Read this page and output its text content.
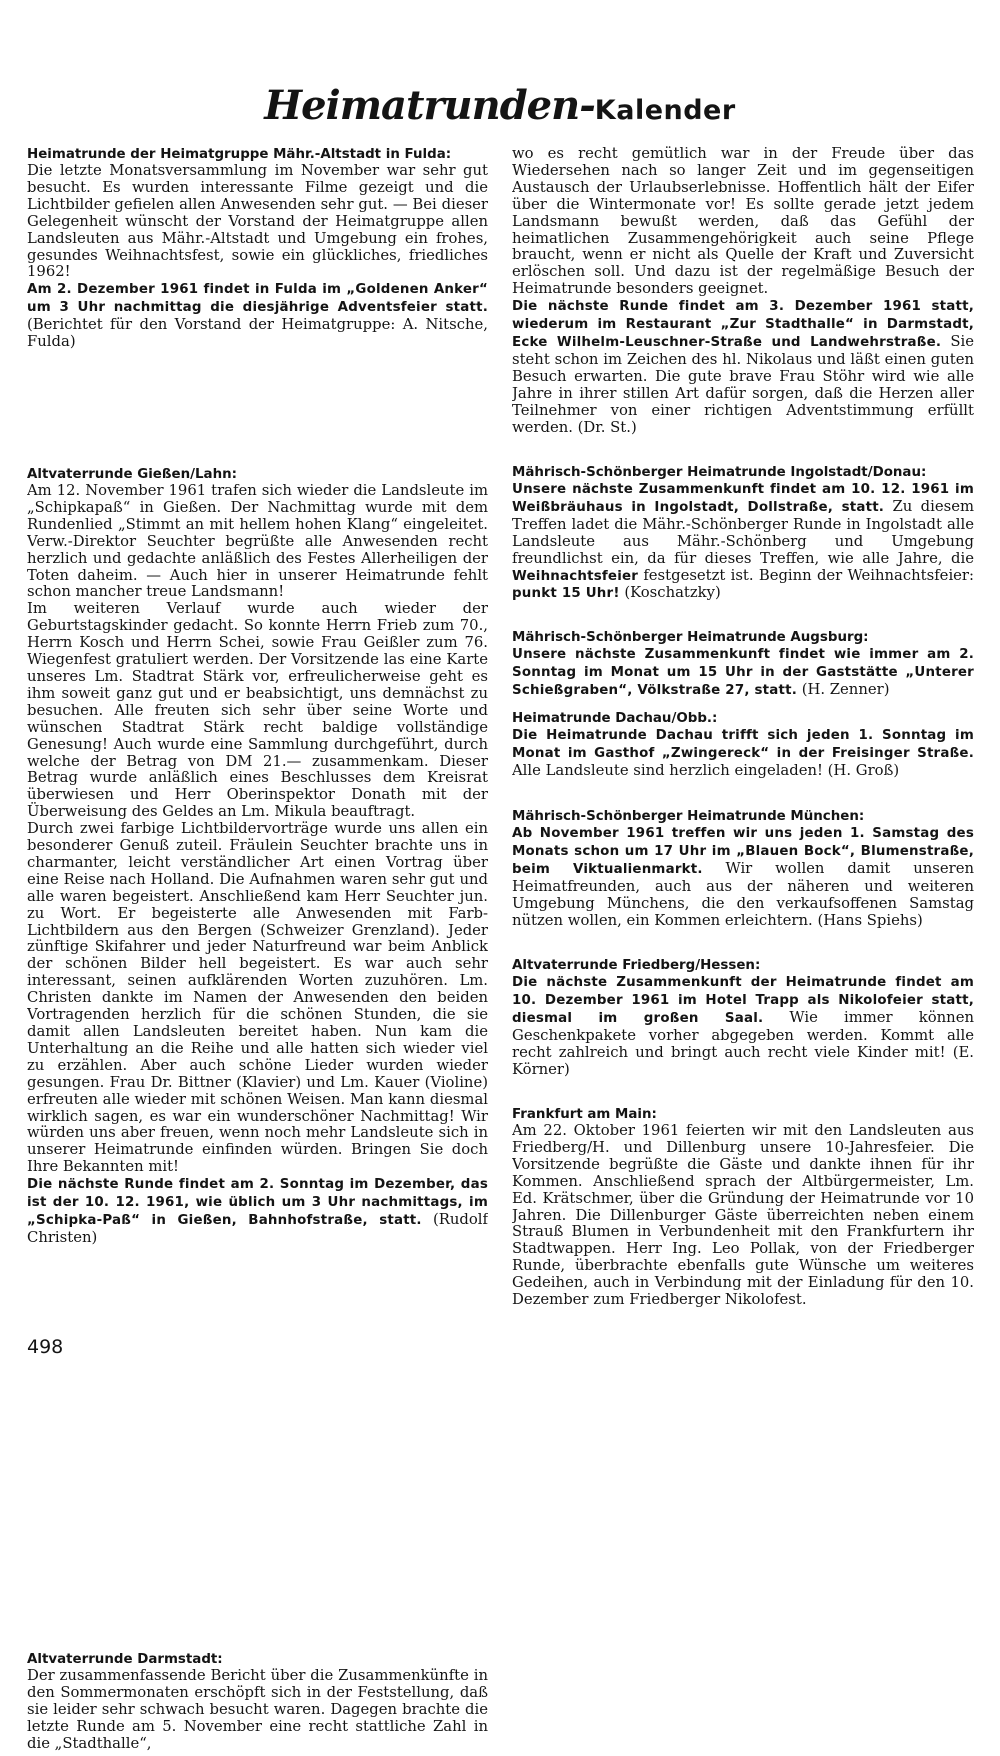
Heimatrunden-Kalender
Heimatrunde der Heimatgruppe Mähr.-Altstadt in Fulda:

Die letzte Monatsversammlung im November war sehr gut besucht. Es wurden interessante Filme gezeigt und die Lichtbilder gefielen allen Anwesenden sehr gut. — Bei dieser Gelegenheit wünscht der Vorstand der Heimatgruppe allen Landsleuten aus Mähr.-Altstadt und Umgebung ein frohes, gesundes Weihnachtsfest, sowie ein glückliches, friedliches 1962!
Am 2. Dezember 1961 findet in Fulda im „Goldenen Anker“ um 3 Uhr nachmittag die diesjährige Adventsfeier statt. (Berichtet für den Vorstand der Heimatgruppe: A. Nitsche, Fulda)

Altvaterrunde Gießen/Lahn:

Am 12. November 1961 trafen sich wieder die Landsleute im „Schipkapaß“ in Gießen. Der Nachmittag wurde mit dem Rundenlied „Stimmt an mit hellem hohen Klang“ eingeleitet. Verw.-Direktor Seuchter begrüßte alle Anwesenden recht herzlich und gedachte anläßlich des Festes Allerheiligen der Toten daheim. — Auch hier in unserer Heimatrunde fehlt schon mancher treue Landsmann!
Im weiteren Verlauf wurde auch wieder der Geburtstagskinder gedacht. So konnte Herrn Frieb zum 70., Herrn Kosch und Herrn Schei, sowie Frau Geißler zum 76. Wiegenfest gratuliert werden. Der Vorsitzende las eine Karte unseres Lm. Stadtrat Stärk vor, erfreulicherweise geht es ihm soweit ganz gut und er beabsichtigt, uns demnächst zu besuchen. Alle freuten sich sehr über seine Worte und wünschen Stadtrat Stärk recht baldige vollständige Genesung! Auch wurde eine Sammlung durchgeführt, durch welche der Betrag von DM 21.— zusammenkam. Dieser Betrag wurde anläßlich eines Beschlusses dem Kreisrat überwiesen und Herr Oberinspektor Donath mit der Überweisung des Geldes an Lm. Mikula beauftragt.
Durch zwei farbige Lichtbildervorträge wurde uns allen ein besonderer Genuß zuteil. Fräulein Seuchter brachte uns in charmanter, leicht verständlicher Art einen Vortrag über eine Reise nach Holland. Die Aufnahmen waren sehr gut und alle waren begeistert. Anschließend kam Herr Seuchter jun. zu Wort. Er begeisterte alle Anwesenden mit Farb-Lichtbildern aus den Bergen (Schweizer Grenzland). Jeder zünftige Skifahrer und jeder Naturfreund war beim Anblick der schönen Bilder hell begeistert. Es war auch sehr interessant, seinen aufklärenden Worten zuzuhören. Lm. Christen dankte im Namen der Anwesenden den beiden Vortragenden herzlich für die schönen Stunden, die sie damit allen Landsleuten bereitet haben. Nun kam die Unterhaltung an die Reihe und alle hatten sich wieder viel zu erzählen. Aber auch schöne Lieder wurden wieder gesungen. Frau Dr. Bittner (Klavier) und Lm. Kauer (Violine) erfreuten alle wieder mit schönen Weisen. Man kann diesmal wirklich sagen, es war ein wunderschöner Nachmittag! Wir würden uns aber freuen, wenn noch mehr Landsleute sich in unserer Heimatrunde einfinden würden. Bringen Sie doch Ihre Bekannten mit!
Die nächste Runde findet am 2. Sonntag im Dezember, das ist der 10. 12. 1961, wie üblich um 3 Uhr nachmittags, im „Schipka-Paß“ in Gießen, Bahnhofstraße, statt. (Rudolf Christen)

Altvaterrunde Darmstadt:

Der zusammenfassende Bericht über die Zusammenkünfte in den Sommermonaten erschöpft sich in der Feststellung, daß sie leider sehr schwach besucht waren. Dagegen brachte die letzte Runde am 5. November eine recht stattliche Zahl in die „Stadthalle“,

wo es recht gemütlich war in der Freude über das Wiedersehen nach so langer Zeit und im gegenseitigen Austausch der Urlaubserlebnisse. Hoffentlich hält der Eifer über die Wintermonate vor! Es sollte gerade jetzt jedem Landsmann bewußt werden, daß das Gefühl der heimatlichen Zusammengehörigkeit auch seine Pflege braucht, wenn er nicht als Quelle der Kraft und Zuversicht erlöschen soll. Und dazu ist der regelmäßige Besuch der Heimatrunde besonders geeignet.
Die nächste Runde findet am 3. Dezember 1961 statt, wiederum im Restaurant „Zur Stadthalle“ in Darmstadt, Ecke Wilhelm-Leuschner-Straße und Landwehrstraße. Sie steht schon im Zeichen des hl. Nikolaus und läßt einen guten Besuch erwarten. Die gute brave Frau Stöhr wird wie alle Jahre in ihrer stillen Art dafür sorgen, daß die Herzen aller Teilnehmer von einer richtigen Adventstimmung erfüllt werden. (Dr. St.)

Mährisch-Schönberger Heimatrunde Ingolstadt/Donau:

Unsere nächste Zusammenkunft findet am 10. 12. 1961 im Weißbräuhaus in Ingolstadt, Dollstraße, statt. Zu diesem Treffen ladet die Mähr.-Schönberger Runde in Ingolstadt alle Landsleute aus Mähr.-Schönberg und Umgebung freundlichst ein, da für dieses Treffen, wie alle Jahre, die Weihnachtsfeier festgesetzt ist. Beginn der Weihnachtsfeier: punkt 15 Uhr! (Koschatzky)

Mährisch-Schönberger Heimatrunde Augsburg:

Unsere nächste Zusammenkunft findet wie immer am 2. Sonntag im Monat um 15 Uhr in der Gaststätte „Unterer Schießgraben“, Völkstraße 27, statt. (H. Zenner)

Heimatrunde Dachau/Obb.:

Die Heimatrunde Dachau trifft sich jeden 1. Sonntag im Monat im Gasthof „Zwingereck“ in der Freisinger Straße. Alle Landsleute sind herzlich eingeladen! (H. Groß)

Mährisch-Schönberger Heimatrunde München:

Ab November 1961 treffen wir uns jeden 1. Samstag des Monats schon um 17 Uhr im „Blauen Bock“, Blumenstraße, beim Viktualienmarkt. Wir wollen damit unseren Heimatfreunden, auch aus der näheren und weiteren Umgebung Münchens, die den verkaufsoffenen Samstag nützen wollen, ein Kommen erleichtern. (Hans Spiehs)

Altvaterrunde Friedberg/Hessen:

Die nächste Zusammenkunft der Heimatrunde findet am 10. Dezember 1961 im Hotel Trapp als Nikolofeier statt, diesmal im großen Saal. Wie immer können Geschenkpakete vorher abgegeben werden. Kommt alle recht zahlreich und bringt auch recht viele Kinder mit! (E. Körner)

Frankfurt am Main:

Am 22. Oktober 1961 feierten wir mit den Landsleuten aus Friedberg/H. und Dillenburg unsere 10-Jahresfeier. Die Vorsitzende begrüßte die Gäste und dankte ihnen für ihr Kommen. Anschließend sprach der Altbürgermeister, Lm. Ed. Krätschmer, über die Gründung der Heimatrunde vor 10 Jahren. Die Dillenburger Gäste überreichten neben einem Strauß Blumen in Verbundenheit mit den Frankfurtern ihr Stadtwappen. Herr Ing. Leo Pollak, von der Friedberger Runde, überbrachte ebenfalls gute Wünsche um weiteres Gedeihen, auch in Verbindung mit der Einladung für den 10. Dezember zum Friedberger Nikolofest.

498
